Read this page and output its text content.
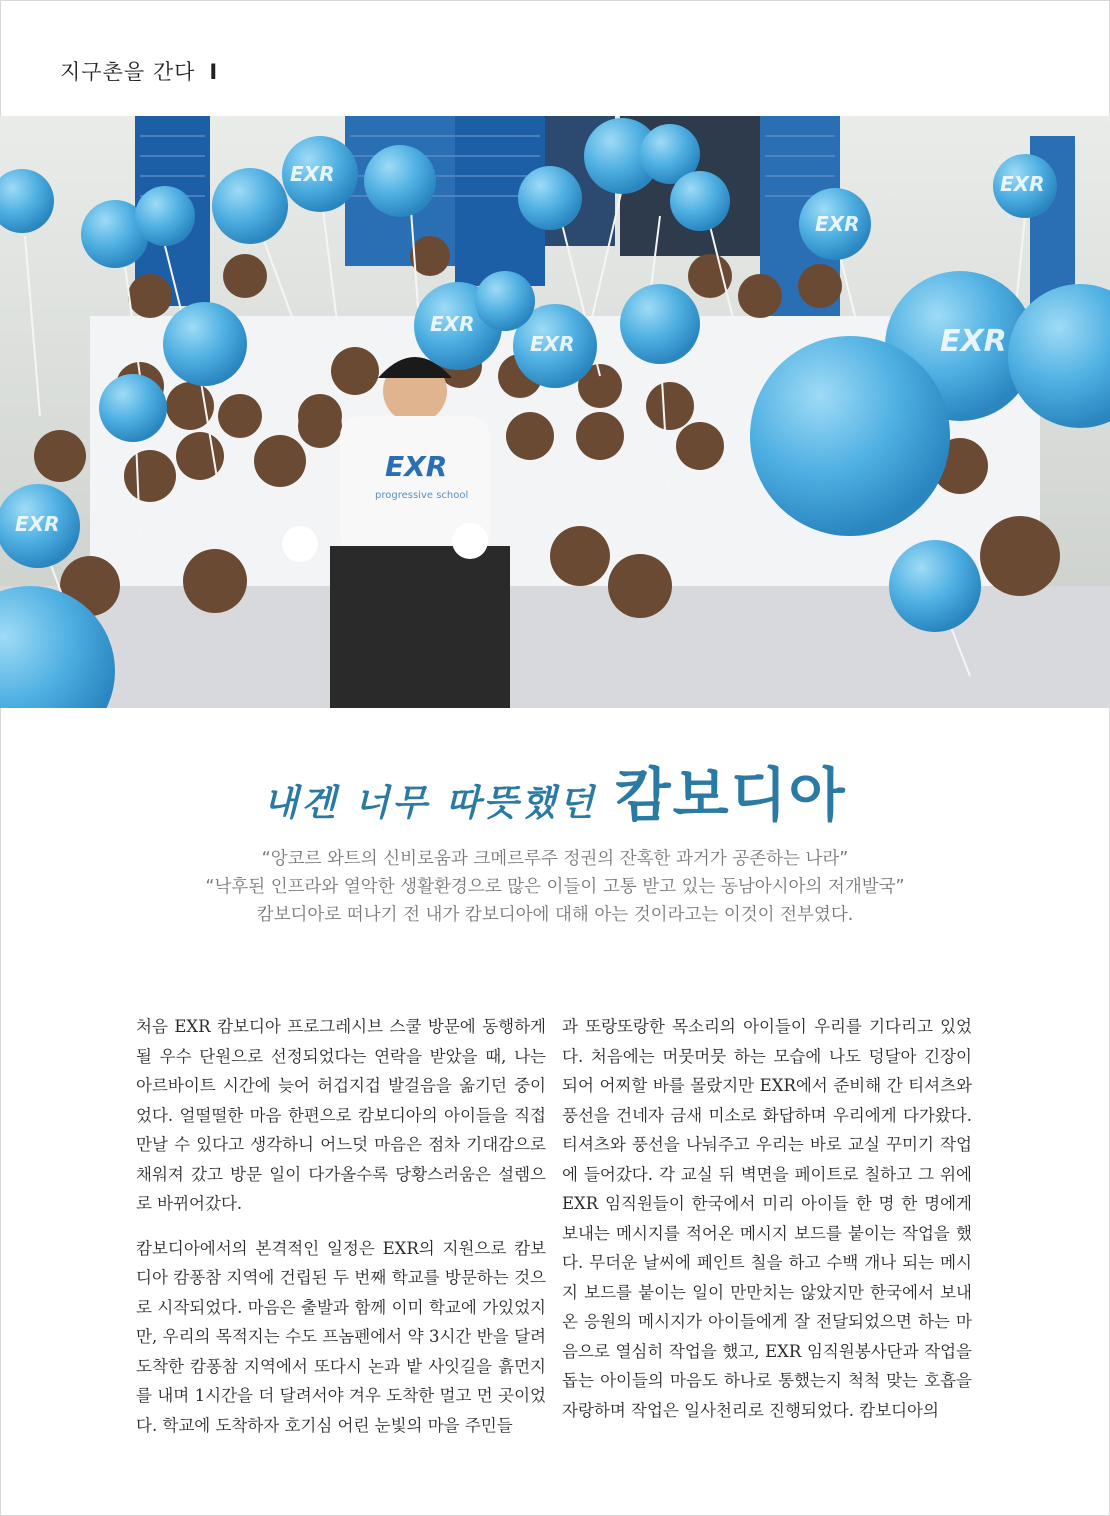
지구촌을 간다 I
EXR
progressive school
EXR
EXR
EXR
EXR
EXR	EXR
EXR
내겐 너무 따뜻했던 캄보디아
“앙코르 와트의 신비로움과 크메르루주 정권의 잔혹한 과거가 공존하는 나라”
“낙후된 인프라와 열악한 생활환경으로 많은 이들이 고통 받고 있는 동남아시아의 저개발국”
캄보디아로 떠나기 전 내가 캄보디아에 대해 아는 것이라고는 이것이 전부였다.

처음 EXR 캄보디아 프로그레시브 스쿨 방문에 동행하게 될 우수 단원으로 선정되었다는 연락을 받았을 때, 나는 아르바이트 시간에 늦어 허겁지겁 발걸음을 옮기던 중이었다. 얼떨떨한 마음 한편으로 캄보디아의 아이들을 직접 만날 수 있다고 생각하니 어느덧 마음은 점차 기대감으로 채워져 갔고 방문 일이 다가올수록 당황스러움은 설렘으로 바뀌어갔다.

캄보디아에서의 본격적인 일정은 EXR의 지원으로 캄보디아 캄퐁참 지역에 건립된 두 번째 학교를 방문하는 것으로 시작되었다. 마음은 출발과 함께 이미 학교에 가있었지만, 우리의 목적지는 수도 프놈펜에서 약 3시간 반을 달려 도착한 캄퐁참 지역에서 또다시 논과 밭 사잇길을 흙먼지를 내며 1시간을 더 달려서야 겨우 도착한 멀고 먼 곳이었다. 학교에 도착하자 호기심 어린 눈빛의 마을 주민들

과 또랑또랑한 목소리의 아이들이 우리를 기다리고 있었다. 처음에는 머뭇머뭇 하는 모습에 나도 덩달아 긴장이 되어 어찌할 바를 몰랐지만 EXR에서 준비해 간 티셔츠와 풍선을 건네자 금새 미소로 화답하며 우리에게 다가왔다. 티셔츠와 풍선을 나눠주고 우리는 바로 교실 꾸미기 작업에 들어갔다. 각 교실 뒤 벽면을 페이트로 칠하고 그 위에 EXR 임직원들이 한국에서 미리 아이들 한 명 한 명에게 보내는 메시지를 적어온 메시지 보드를 붙이는 작업을 했다. 무더운 날씨에 페인트 칠을 하고 수백 개나 되는 메시지 보드를 붙이는 일이 만만치는 않았지만 한국에서 보내온 응원의 메시지가 아이들에게 잘 전달되었으면 하는 마음으로 열심히 작업을 했고, EXR 임직원봉사단과 작업을 돕는 아이들의 마음도 하나로 통했는지 척척 맞는 호흡을 자랑하며 작업은 일사천리로 진행되었다. 캄보디아의
